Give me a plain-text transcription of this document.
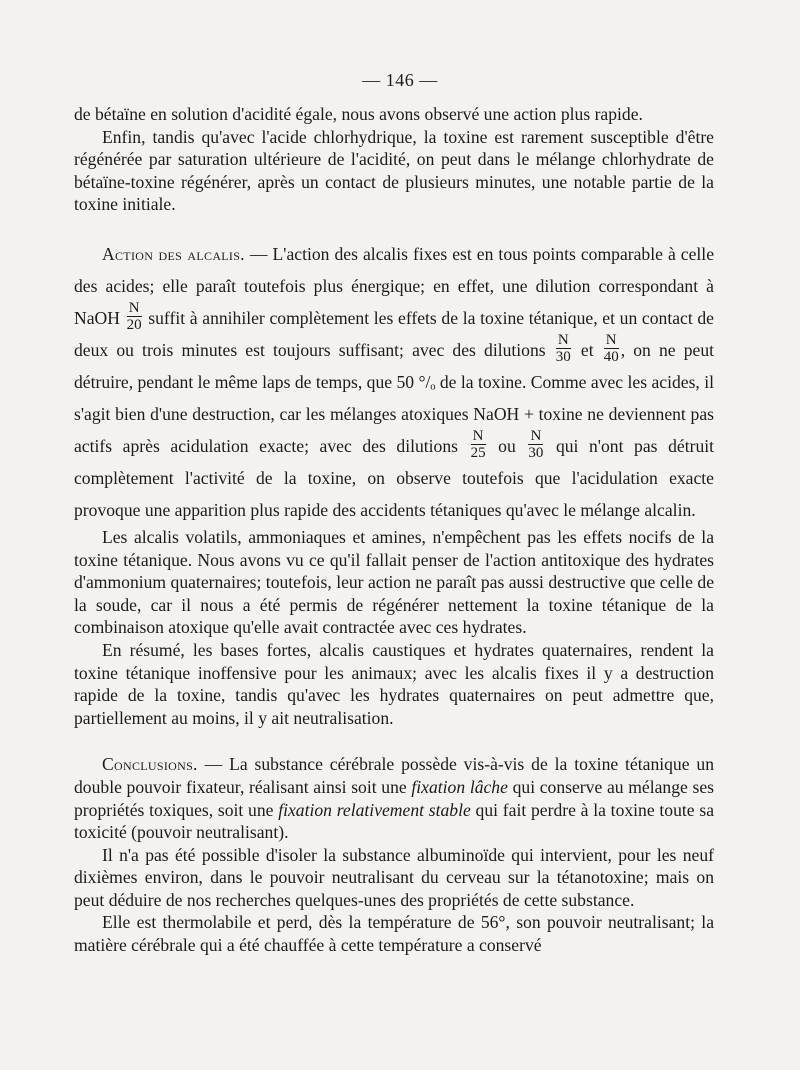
— 146 —

de bétaïne en solution d'acidité égale, nous avons observé une action plus rapide.

Enfin, tandis qu'avec l'acide chlorhydrique, la toxine est rarement susceptible d'être régénérée par saturation ultérieure de l'acidité, on peut dans le mélange chlorhydrate de bétaïne-toxine régénérer, après un contact de plusieurs minutes, une notable partie de la toxine initiale.

Action des alcalis. — L'action des alcalis fixes est en tous points comparable à celle des acides; elle paraît toutefois plus énergique; en effet, une dilution correspondant à NaOH $\frac{N}{20}$ suffit à annihiler complètement les effets de la toxine tétanique, et un contact de deux ou trois minutes est toujours suffisant; avec des dilutions $\frac{N}{30}$ et $\frac{N}{40}$ , on ne peut détruire, pendant le même laps de temps, que 50 °/ₒ de la toxine. Comme avec les acides, il s'agit bien d'une destruction, car les mélanges atoxiques NaOH + toxine ne deviennent pas actifs après acidulation exacte; avec des dilutions $\frac{N}{25}$ ou $\frac{N}{30}$ qui n'ont pas détruit complètement l'activité de la toxine, on observe toutefois que l'acidulation exacte provoque une apparition plus rapide des accidents tétaniques qu'avec le mélange alcalin.

Les alcalis volatils, ammoniaques et amines, n'empêchent pas les effets nocifs de la toxine tétanique. Nous avons vu ce qu'il fallait penser de l'action antitoxique des hydrates d'ammonium quaternaires; toutefois, leur action ne paraît pas aussi destructive que celle de la soude, car il nous a été permis de régénérer nettement la toxine tétanique de la combinaison atoxique qu'elle avait contractée avec ces hydrates.

En résumé, les bases fortes, alcalis caustiques et hydrates quaternaires, rendent la toxine tétanique inoffensive pour les animaux; avec les alcalis fixes il y a destruction rapide de la toxine, tandis qu'avec les hydrates quaternaires on peut admettre que, partiellement au moins, il y ait neutralisation.

Conclusions. — La substance cérébrale possède vis-à-vis de la toxine tétanique un double pouvoir fixateur, réalisant ainsi soit une fixation lâche qui conserve au mélange ses propriétés toxiques, soit une fixation relativement stable qui fait perdre à la toxine toute sa toxicité (pouvoir neutralisant).

Il n'a pas été possible d'isoler la substance albuminoïde qui intervient, pour les neuf dixièmes environ, dans le pouvoir neutralisant du cerveau sur la tétanotoxine; mais on peut déduire de nos recherches quelques-unes des propriétés de cette substance.

Elle est thermolabile et perd, dès la température de 56°, son pouvoir neutralisant; la matière cérébrale qui a été chauffée à cette température a conservé
